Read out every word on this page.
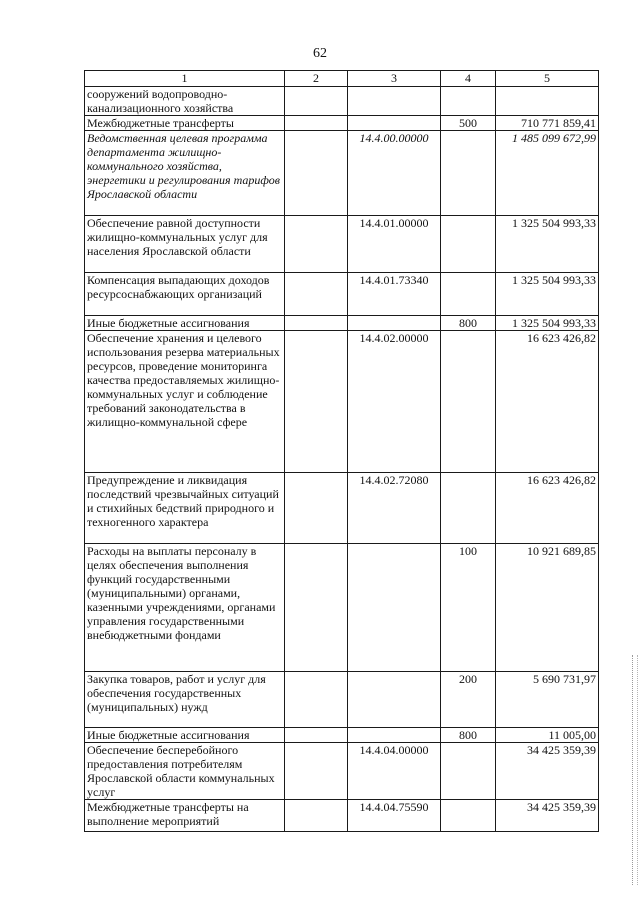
62
1	2	3	4	5
сооружений водопроводно-канализационного хозяйства				
Межбюджетные трансферты			500	710 771 859,41
Ведомственная целевая программа департамента жилищно-коммунального хозяйства, энергетики и регулирования тарифов Ярославской области		14.4.00.00000		1 485 099 672,99
Обеспечение равной доступности жилищно-коммунальных услуг для населения Ярославской области		14.4.01.00000		1 325 504 993,33
Компенсация выпадающих доходов ресурсоснабжающих организаций		14.4.01.73340		1 325 504 993,33
Иные бюджетные ассигнования			800	1 325 504 993,33
Обеспечение хранения и целевого использования резерва материальных ресурсов, проведение мониторинга качества предоставляемых жилищно-коммунальных услуг и соблюдение требований законодательства в жилищно-коммунальной сфере		14.4.02.00000		16 623 426,82
Предупреждение и ликвидация последствий чрезвычайных ситуаций и стихийных бедствий природного и техногенного характера		14.4.02.72080		16 623 426,82
Расходы на выплаты персоналу в целях обеспечения выполнения функций государственными (муниципальными) органами, казенными учреждениями, органами управления государственными внебюджетными фондами			100	10 921 689,85
Закупка товаров, работ и услуг для обеспечения государственных (муниципальных) нужд			200	5 690 731,97
Иные бюджетные ассигнования			800	11 005,00
Обеспечение бесперебойного предоставления потребителям Ярославской области коммунальных услуг		14.4.04.00000		34 425 359,39
Межбюджетные трансферты на выполнение мероприятий		14.4.04.75590		34 425 359,39
